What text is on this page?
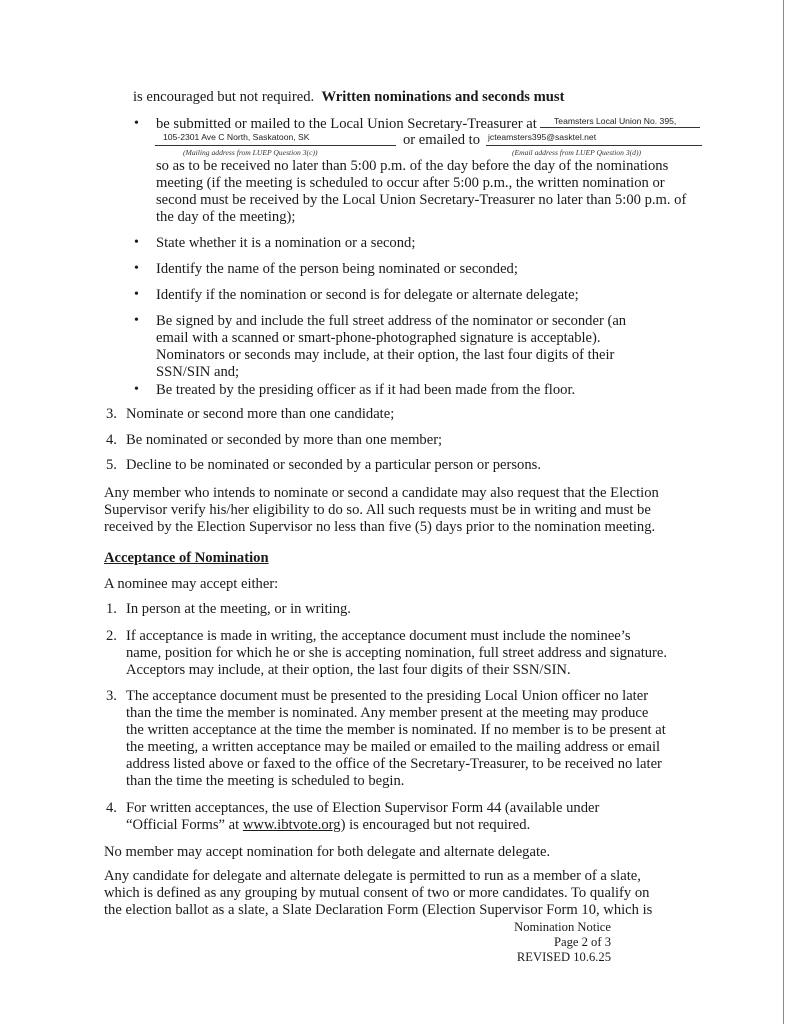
is encouraged but not required. Written nominations and seconds must
• be submitted or mailed to the Local Union Secretary-Treasurer at Teamsters Local Union No. 395,
105-2301 Ave C North, Saskatoon, SK	or emailed to jcteamsters395@sasktel.net
(Mailing address from LUEP Question 3(c))	(Email address from LUEP Question 3(d))
so as to be received no later than 5:00 p.m. of the day before the day of the nominations
meeting (if the meeting is scheduled to occur after 5:00 p.m., the written nomination or
second must be received by the Local Union Secretary-Treasurer no later than 5:00 p.m. of
the day of the meeting);
• State whether it is a nomination or a second;
• Identify the name of the person being nominated or seconded;
• Identify if the nomination or second is for delegate or alternate delegate;
• Be signed by and include the full street address of the nominator or seconder (an
email with a scanned or smart-phone-photographed signature is acceptable).
Nominators or seconds may include, at their option, the last four digits of their
SSN/SIN and;
• Be treated by the presiding officer as if it had been made from the floor.
3. Nominate or second more than one candidate;
4. Be nominated or seconded by more than one member;
5. Decline to be nominated or seconded by a particular person or persons.
Any member who intends to nominate or second a candidate may also request that the Election
Supervisor verify his/her eligibility to do so. All such requests must be in writing and must be
received by the Election Supervisor no less than five (5) days prior to the nomination meeting.
Acceptance of Nomination
A nominee may accept either:
1. In person at the meeting, or in writing.
2. If acceptance is made in writing, the acceptance document must include the nominee’s
name, position for which he or she is accepting nomination, full street address and signature.
Acceptors may include, at their option, the last four digits of their SSN/SIN.
3. The acceptance document must be presented to the presiding Local Union officer no later
than the time the member is nominated. Any member present at the meeting may produce
the written acceptance at the time the member is nominated. If no member is to be present at
the meeting, a written acceptance may be mailed or emailed to the mailing address or email
address listed above or faxed to the office of the Secretary-Treasurer, to be received no later
than the time the meeting is scheduled to begin.
4. For written acceptances, the use of Election Supervisor Form 44 (available under
“Official Forms” at www.ibtvote.org) is encouraged but not required.
No member may accept nomination for both delegate and alternate delegate.
Any candidate for delegate and alternate delegate is permitted to run as a member of a slate,
which is defined as any grouping by mutual consent of two or more candidates. To qualify on
the election ballot as a slate, a Slate Declaration Form (Election Supervisor Form 10, which is
Nomination Notice
Page 2 of 3
REVISED 10.6.25
